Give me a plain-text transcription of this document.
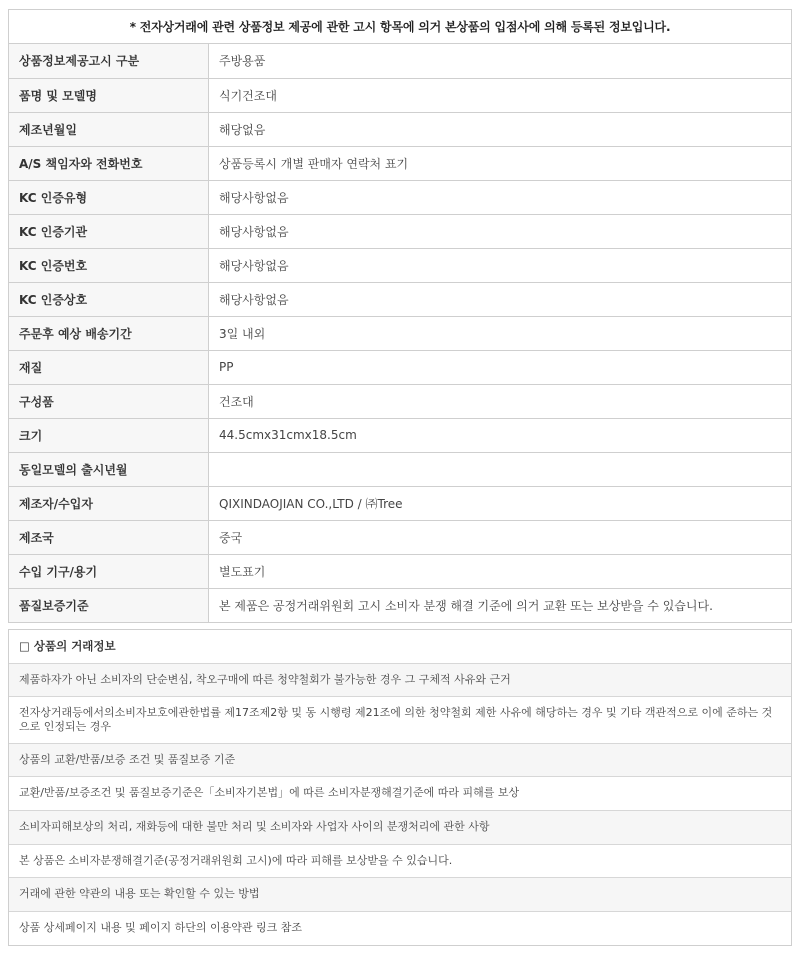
* 전자상거래에 관련 상품정보 제공에 관한 고시 항목에 의거 본상품의 입점사에 의해 등록된 정보입니다.
상품정보제공고시 구분	주방용품
품명 및 모델명	식기건조대
제조년월일	해당없음
A/S 책임자와 전화번호	상품등록시 개별 판매자 연락처 표기
KC 인증유형	해당사항없음
KC 인증기관	해당사항없음
KC 인증번호	해당사항없음
KC 인증상호	해당사항없음
주문후 예상 배송기간	3일 내외
재질	PP
구성품	건조대
크기	44.5cmx31cmx18.5cm
동일모델의 출시년월	
제조자/수입자	QIXINDAOJIAN CO.,LTD / ㈜Tree
제조국	중국
수입 기구/용기	별도표기
품질보증기준	본 제품은 공정거래위원회 고시 소비자 분쟁 해결 기준에 의거 교환 또는 보상받을 수 있습니다.
□ 상품의 거래정보
제품하자가 아닌 소비자의 단순변심, 착오구매에 따른 청약철회가 불가능한 경우 그 구체적 사유와 근거
전자상거래등에서의소비자보호에관한법률 제17조제2항 및 동 시행령 제21조에 의한 청약철회 제한 사유에 해당하는 경우 및 기타 객관적으로 이에 준하는 것으로 인정되는 경우
상품의 교환/반품/보증 조건 및 품질보증 기준
교환/반품/보증조건 및 품질보증기준은「소비자기본법」에 따른 소비자분쟁해결기준에 따라 피해를 보상
소비자피해보상의 처리, 재화등에 대한 불만 처리 및 소비자와 사업자 사이의 분쟁처리에 관한 사항
본 상품은 소비자분쟁해결기준(공정거래위원회 고시)에 따라 피해를 보상받을 수 있습니다.
거래에 관한 약관의 내용 또는 확인할 수 있는 방법
상품 상세페이지 내용 및 페이지 하단의 이용약관 링크 참조
